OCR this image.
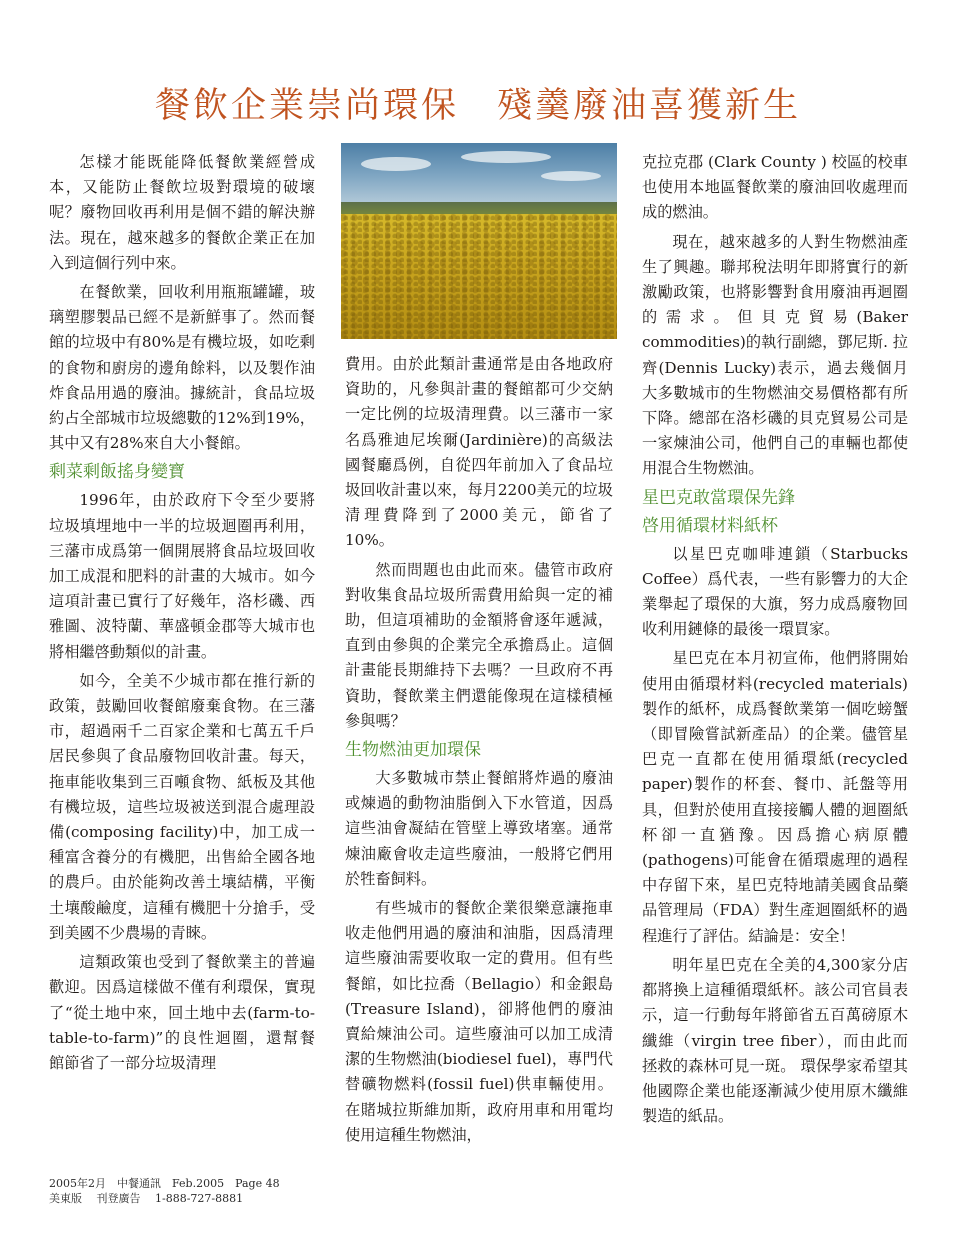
餐飲企業崇尚環保　殘羹廢油喜獲新生

怎樣才能既能降低餐飲業經營成本，又能防止餐飲垃圾對環境的破壞呢？廢物回收再利用是個不錯的解決辦法。現在，越來越多的餐飲企業正在加入到這個行列中來。

在餐飲業，回收利用瓶瓶罐罐，玻璃塑膠製品已經不是新鮮事了。然而餐館的垃圾中有80%是有機垃圾，如吃剩的食物和廚房的邊角餘料，以及製作油炸食品用過的廢油。據統計，食品垃圾約占全部城市垃圾總數的12%到19%，其中又有28%來自大小餐館。

剩菜剩飯搖身變寶

1996年，由於政府下令至少要將垃圾填埋地中一半的垃圾迴圈再利用，三藩市成爲第一個開展將食品垃圾回收加工成混和肥料的計畫的大城市。如今這項計畫已實行了好幾年，洛杉磯、西雅圖、波特蘭、華盛頓金郡等大城市也將相繼啓動類似的計畫。

如今，全美不少城市都在推行新的政策，鼓勵回收餐館廢棄食物。在三藩市，超過兩千二百家企業和七萬五千戶居民參與了食品廢物回收計畫。每天，拖車能收集到三百噸食物、紙板及其他有機垃圾，這些垃圾被送到混合處理設備(composing facility)中，加工成一種富含養分的有機肥，出售給全國各地的農戶。由於能夠改善土壤結構，平衡土壤酸鹼度，這種有機肥十分搶手，受到美國不少農場的青睞。

這類政策也受到了餐飲業主的普遍歡迎。因爲這樣做不僅有利環保，實現了“從土地中來，回土地中去(farm-to-table-to-farm)”的良性迴圈，還幫餐館節省了一部分垃圾清理

費用。由於此類計畫通常是由各地政府資助的，凡參與計畫的餐館都可少交納一定比例的垃圾清理費。以三藩市一家名爲雅迪尼埃爾(Jardinière)的高級法國餐廳爲例，自從四年前加入了食品垃圾回收計畫以來，每月2200美元的垃圾清理費降到了2000美元，節省了10%。

然而問題也由此而來。儘管市政府對收集食品垃圾所需費用給與一定的補助，但這項補助的金額將會逐年遞減，直到由參與的企業完全承擔爲止。這個計畫能長期維持下去嗎？一旦政府不再資助，餐飲業主們還能像現在這樣積極參與嗎？

生物燃油更加環保

大多數城市禁止餐館將炸過的廢油或煉過的動物油脂倒入下水管道，因爲這些油會凝結在管壁上導致堵塞。通常煉油廠會收走這些廢油，一般將它們用於牲畜飼料。

有些城市的餐飲企業很樂意讓拖車收走他們用過的廢油和油脂，因爲清理這些廢油需要收取一定的費用。但有些餐館，如比拉喬（Bellagio）和金銀島(Treasure Island)，卻將他們的廢油賣給煉油公司。這些廢油可以加工成清潔的生物燃油(biodiesel fuel)，專門代替礦物燃料(fossil fuel)供車輛使用。在賭城拉斯維加斯，政府用車和用電均使用這種生物燃油，

克拉克郡 (Clark County ) 校區的校車也使用本地區餐飲業的廢油回收處理而成的燃油。

現在，越來越多的人對生物燃油產生了興趣。聯邦稅法明年即將實行的新激勵政策，也將影響對食用廢油再迴圈的需求。但貝克貿易(Baker commodities)的執行副總，鄧尼斯. 拉齊(Dennis Lucky)表示，過去幾個月大多數城市的生物燃油交易價格都有所下降。總部在洛杉磯的貝克貿易公司是一家煉油公司，他們自己的車輛也都使用混合生物燃油。

星巴克敢當環保先鋒
啓用循環材料紙杯

以星巴克咖啡連鎖（Starbucks Coffee）爲代表，一些有影響力的大企業舉起了環保的大旗，努力成爲廢物回收利用鏈條的最後一環買家。

星巴克在本月初宣佈，他們將開始使用由循環材料(recycled materials)製作的紙杯，成爲餐飲業第一個吃螃蟹（即冒險嘗試新產品）的企業。儘管星巴克一直都在使用循環紙(recycled paper)製作的杯套、餐巾、託盤等用具，但對於使用直接接觸人體的迴圈紙杯卻一直猶豫。因爲擔心病原體(pathogens)可能會在循環處理的過程中存留下來，星巴克特地請美國食品藥品管理局（FDA）對生產迴圈紙杯的過程進行了評估。結論是：安全！

明年星巴克在全美的4,300家分店都將換上這種循環紙杯。該公司官員表示，這一行動每年將節省五百萬磅原木纖維（virgin tree fiber），而由此而拯救的森林可見一斑。 環保學家希望其他國際企業也能逐漸減少使用原木纖維製造的紙品。

2005年2月　中餐通訊　Feb.2005　Page 48
美東版　 刊登廣告　 1-888-727-8881
